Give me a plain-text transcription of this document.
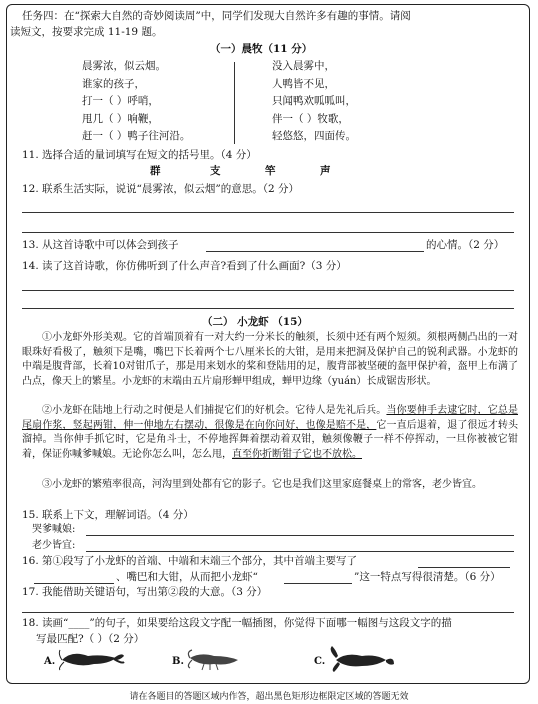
任务四：在“探索大自然的奇妙阅读周”中，同学们发现大自然许多有趣的事情。请阅
读短文，按要求完成 11-19 题。
（一）晨牧（11 分）
晨雾浓，似云烟。
谁家的孩子，
打一（ ）呼哨，
甩几（ ）响鞭，
赶一（ ）鸭子往河沿。
没入晨雾中，
人鸭皆不见，
只闻鸭欢呱呱叫，
伴一（ ）牧歌，
轻悠悠，四面传。
11. 选择合适的量词填写在短文的括号里。（4 分）
群	支	竿	声
12. 联系生活实际，说说“晨雾浓，似云烟”的意思。（2 分）
13. 从这首诗歌中可以体会到孩子	的心情。（2 分）
14. 读了这首诗歌，你仿佛听到了什么声音?看到了什么画面?（3 分）
（二） 小龙虾 （15）
①小龙虾外形美观。它的首端顶着有一对大约一分米长的触须，长须中还有两个短须。须根两侧凸出的一对眼珠好看极了，触须下是嘴，嘴巴下长着两个七八厘米长的大钳，是用来把洞及保护自己的锐利武器。小龙虾的中端是腹背部，长着10对钳爪子，那是用来划水的桨和登陆用的足，腹背部被坚硬的盔甲保护着，盔甲上布满了凸点，像天上的繁星。小龙虾的末端由五片扇形蝉甲组成，蝉甲边缘（yuán）长成锯齿形状。
②小龙虾在陆地上行动之时便是人们捕捉它们的好机会。它待人是先礼后兵。当你要伸手去逮它时，它总是尾扇作浆，竖起两钳，伸一伸地左右摆动，很像是在向你问好，也像是赔不是，它一直后退着，退了很远才转头溜掉。当你伸手抓它时，它是角斗士，不停地挥舞着摆动着双钳，触须像鞭子一样不停挥动，一旦你被被它钳着，保证你喊爹喊娘。无论你怎么叫，怎么甩，直至你折断钳子它也不放松。
③小龙虾的繁殖率很高，河沟里到处都有它的影子。它也是我们这里家庭餐桌上的常客，老少皆宜。
15. 联系上下文，理解词语。（4 分）
哭爹喊娘:
老少皆宜:
16. 第①段写了小龙虾的首端、中端和末端三个部分，其中首端主要写了
、嘴巴和大钳，从而把小龙虾“	”这一特点写得很清楚。（6 分）
17. 我能借助关键语句，写出第②段的大意。（3 分）
18. 读画“____”的句子，如果要给这段文字配一幅插图，你觉得下面哪一幅图与这段文字的描
写最匹配?（ ）（2 分）
A.	B.	C.
请在各题目的答题区域内作答，超出黑色矩形边框限定区域的答题无效
